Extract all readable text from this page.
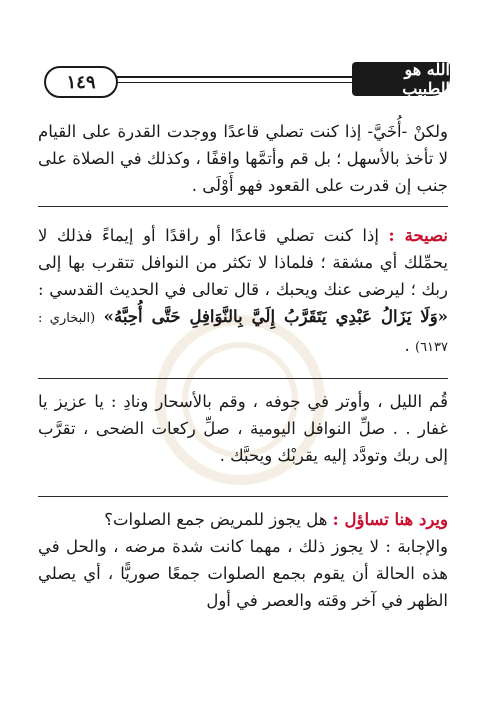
١٤٩
الله هو الطبيب

ولكنْ -أُخَيَّ- إذا كنت تصلي قاعدًا ووجدت القدرة على القيام لا تأخذ بالأسهل ؛ بل قم وأتمَّها واقفًا ، وكذلك في الصلاة على جنب إن قدرت على القعود فهو أَوْلَى .

نصيحة : إذا كنت تصلي قاعدًا أو راقدًا أو إيماءً فذلك لا يحمِّلك أي مشقة ؛ فلماذا لا تكثر من النوافل تتقرب بها إلى ربك ؛ ليرضى عنك ويحبك ، قال تعالى في الحديث القدسي : «وَلَا يَزَالُ عَبْدِي يَتَقَرَّبُ إِلَيَّ بِالنَّوَافِلِ حَتَّى أُحِبَّهُ» (البخاري : ٦١٣٧) .

قُم الليل ، وأوتر في جوفه ، وقم بالأسحار ونادِ : يا عزيز يا غفار . . صلِّ النوافل اليومية ، صلِّ ركعات الضحى ، تقرَّب إلى ربك وتودَّد إليه يقربْك ويحبَّك .

ويرد هنا تساؤل : هل يجوز للمريض جمع الصلوات؟
والإجابة : لا يجوز ذلك ، مهما كانت شدة مرضه ، والحل في هذه الحالة أن يقوم بجمع الصلوات جمعًا صوريًّا ، أي يصلي الظهر في آخر وقته والعصر في أول
